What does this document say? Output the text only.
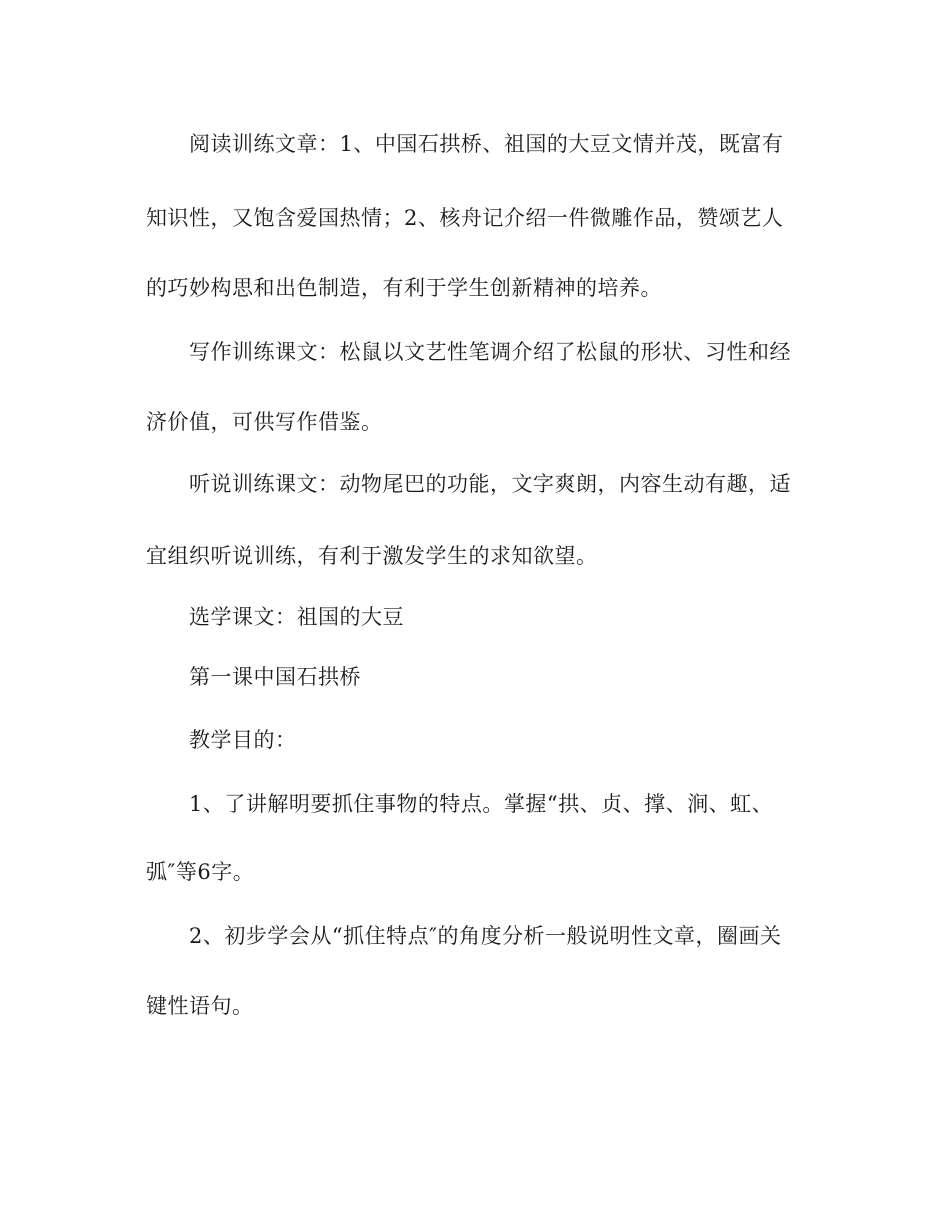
阅读训练文章：1、中国石拱桥、祖国的大豆文情并茂，既富有
知识性，又饱含爱国热情；2、核舟记介绍一件微雕作品，赞颂艺人
的巧妙构思和出色制造，有利于学生创新精神的培养。
写作训练课文：松鼠以文艺性笔调介绍了松鼠的形状、习性和经
济价值，可供写作借鉴。
听说训练课文：动物尾巴的功能，文字爽朗，内容生动有趣，适
宜组织听说训练，有利于激发学生的求知欲望。
选学课文：祖国的大豆
第一课中国石拱桥
教学目的：
1、了讲解明要抓住事物的特点。掌握“拱、贞、撑、涧、虹、
弧″等6字。
2、初步学会从“抓住特点″的角度分析一般说明性文章，圈画关
键性语句。
